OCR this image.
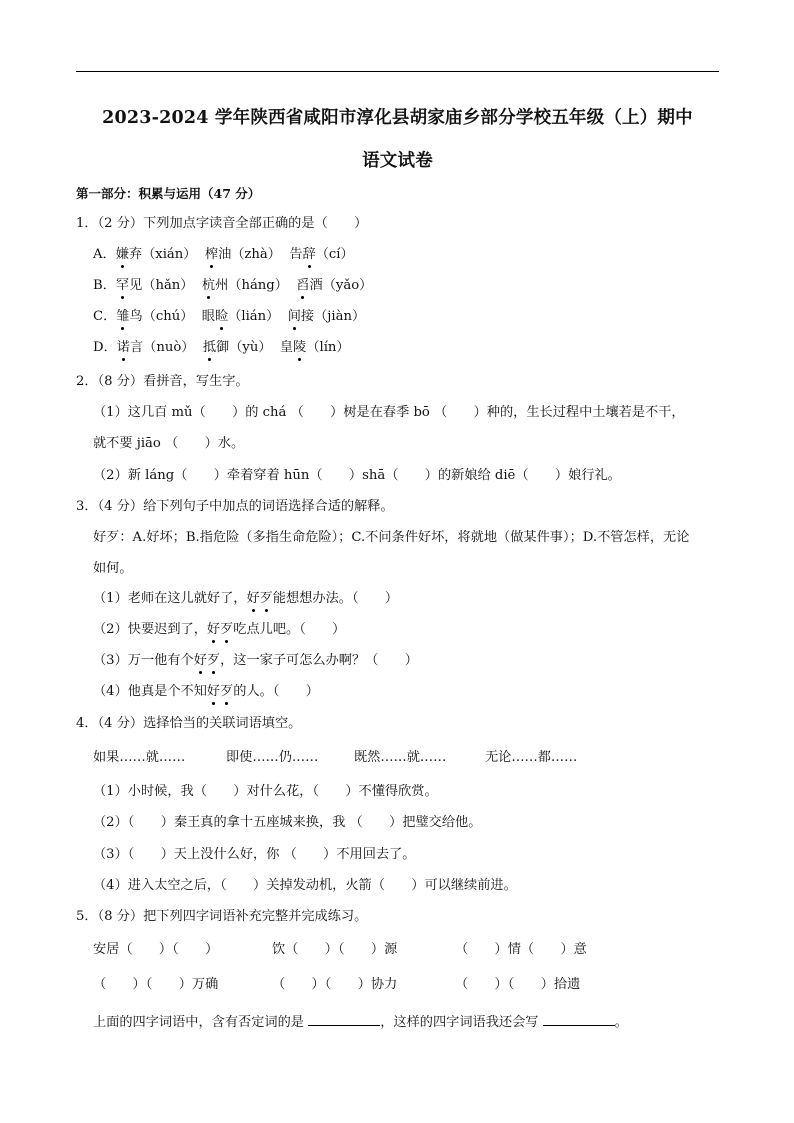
2023-2024 学年陕西省咸阳市淳化县胡家庙乡部分学校五年级（上）期中
语文试卷
第一部分：积累与运用（47 分）
1．（2 分）下列加点字读音全部正确的是（　　）
A．嫌弃（xián） 榨油（zhà）  告辞（cí）
B．罕见（hǎn） 杭州（háng） 舀酒（yǎo）
C．雏鸟（chú）  眼睑（lián） 间接（jiàn）
D．诺言（nuò） 抵御（yù）  皇陵（lín）
2．（8 分）看拼音，写生字。
（1）这几百 mǔ（　　）的 chá （　　）树是在春季 bō （　　）种的，生长过程中土壤若是不干，
就不要 jiāo （　　）水。
（2）新 láng（　　）牵着穿着 hūn（　　）shā（　　）的新娘给 diē（　　）娘行礼。
3．（4 分）给下列句子中加点的词语选择合适的解释。
好歹：A.好坏；B.指危险（多指生命危险）；C.不问条件好坏，将就地（做某件事）；D.不管怎样，无论
如何。
（1）老师在这儿就好了，好歹能想想办法。（　　）
（2）快要迟到了，好歹吃点儿吧。（　　）
（3）万一他有个好歹，这一家子可怎么办啊？（　　）
（4）他真是个不知好歹的人。（　　）
4．（4 分）选择恰当的关联词语填空。
如果……就……	即使……仍……	既然……就……	无论……都……
（1）小时候，我（　　）对什么花，（　　）不懂得欣赏。
（2）（　　）秦王真的拿十五座城来换，我 （　　）把璧交给他。
（3）（　　）天上没什么好，你 （　　）不用回去了。
（4）进入太空之后，（　　）关掉发动机，火箭（　　）可以继续前进。
5．（8 分）把下列四字词语补充完整并完成练习。
安居（　　）（　　）	饮（　　）（　　）源	（　　）情（　　）意
（　　）（　　）万确	（　　）（　　）协力	（　　）（　　）拾遗
上面的四字词语中，含有否定词的是	，这样的四字词语我还会写	。
